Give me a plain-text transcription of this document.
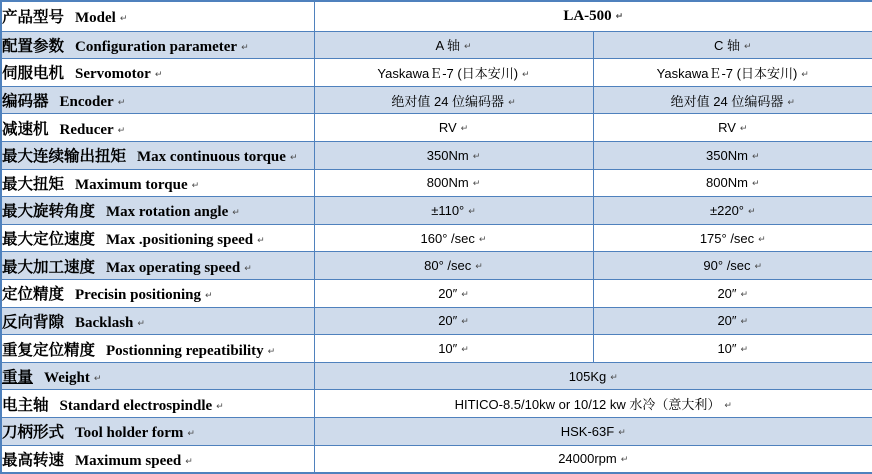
产品型号 Model ↵	LA-500 ↵	
配置参数 Configuration parameter ↵	A 轴 ↵	C 轴 ↵
伺服电机 Servomotor ↵	YaskawaＥ-7 (日本安川) ↵	YaskawaＥ-7 (日本安川) ↵
编码器 Encoder ↵	绝对值 24 位编码器 ↵	绝对值 24 位编码器 ↵
减速机 Reducer ↵	RV ↵	RV ↵
最大连续输出扭矩 Max continuous torque ↵	350Nm ↵	350Nm ↵
最大扭矩 Maximum torque ↵	800Nm ↵	800Nm ↵
最大旋转角度 Max rotation angle ↵	±110° ↵	±220° ↵
最大定位速度 Max .positioning speed ↵	160° /sec ↵	175° /sec ↵
最大加工速度 Max operating speed ↵	80° /sec ↵	90° /sec ↵
定位精度 Precisin positioning ↵	20″ ↵	20″ ↵
反向背隙 Backlash ↵	20″ ↵	20″ ↵
重复定位精度 Postionning repeatibility ↵	10″ ↵	10″ ↵
重量 Weight ↵	105Kg ↵	
电主轴 Standard electrospindle ↵	HITICO-8.5/10kw or 10/12 kw 水冷（意大利） ↵	
刀柄形式 Tool holder form ↵	HSK-63F ↵	
最高转速 Maximum speed ↵	24000rpm ↵	
